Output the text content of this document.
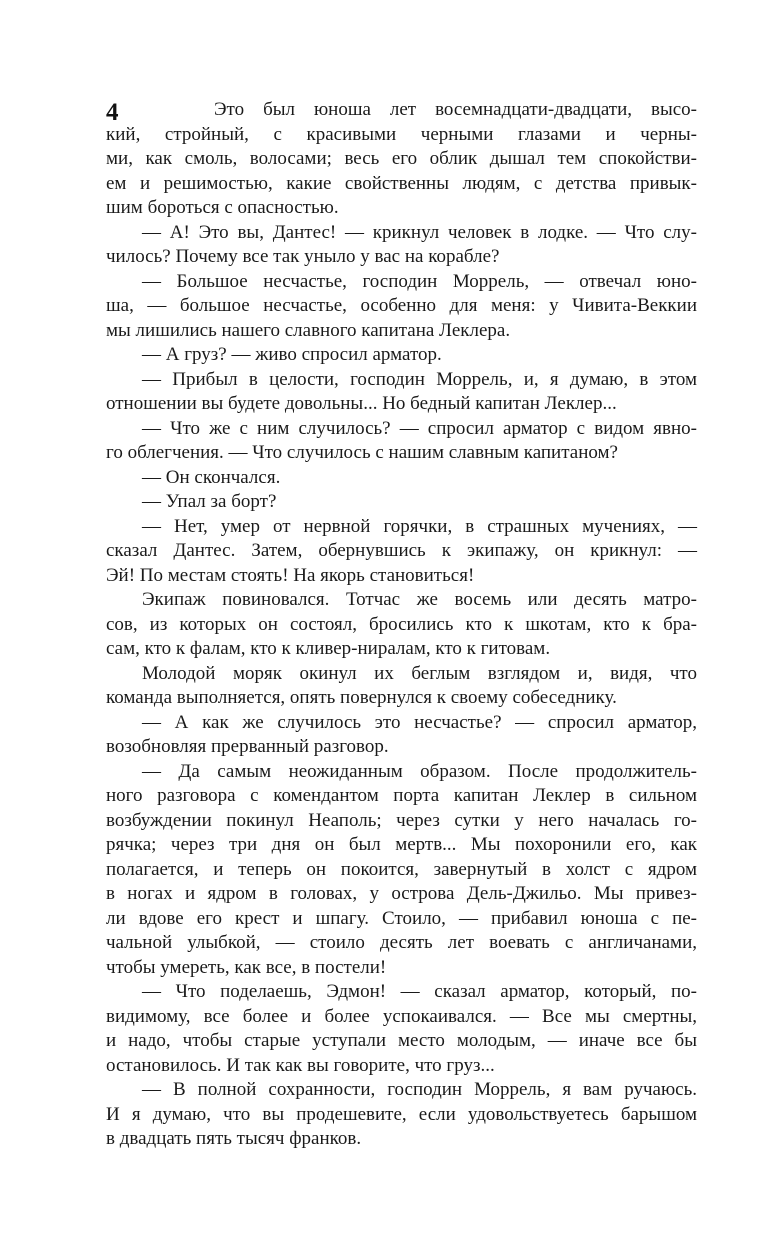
4	Это был юноша лет восемнадцати-двадцати, высо-
кий, стройный, с красивыми черными глазами и черны-
ми, как смоль, волосами; весь его облик дышал тем спокойстви-
ем и решимостью, какие свойственны людям, с детства привык-
шим бороться с опасностью.
— А! Это вы, Дантес! — крикнул человек в лодке. — Что слу-
чилось? Почему все так уныло у вас на корабле?
— Большое несчастье, господин Моррель, — отвечал юно-
ша, — большое несчастье, особенно для меня: у Чивита-Веккии
мы лишились нашего славного капитана Леклера.
— А груз? — живо спросил арматор.
— Прибыл в целости, господин Моррель, и, я думаю, в этом
отношении вы будете довольны... Но бедный капитан Леклер...
— Что же с ним случилось? — спросил арматор с видом явно-
го облегчения. — Что случилось с нашим славным капитаном?
— Он скончался.
— Упал за борт?
— Нет, умер от нервной горячки, в страшных мучениях, —
сказал Дантес. Затем, обернувшись к экипажу, он крикнул: —
Эй! По местам стоять! На якорь становиться!
Экипаж повиновался. Тотчас же восемь или десять матро-
сов, из которых он состоял, бросились кто к шкотам, кто к бра-
сам, кто к фалам, кто к кливер-ниралам, кто к гитовам.
Молодой моряк окинул их беглым взглядом и, видя, что
команда выполняется, опять повернулся к своему собеседнику.
— А как же случилось это несчастье? — спросил арматор,
возобновляя прерванный разговор.
— Да самым неожиданным образом. После продолжитель-
ного разговора с комендантом порта капитан Леклер в сильном
возбуждении покинул Неаполь; через сутки у него началась го-
рячка; через три дня он был мертв... Мы похоронили его, как
полагается, и теперь он покоится, завернутый в холст с ядром
в ногах и ядром в головах, у острова Дель-Джильо. Мы привез-
ли вдове его крест и шпагу. Стоило, — прибавил юноша с пе-
чальной улыбкой, — стоило десять лет воевать с англичанами,
чтобы умереть, как все, в постели!
— Что поделаешь, Эдмон! — сказал арматор, который, по-
видимому, все более и более успокаивался. — Все мы смертны,
и надо, чтобы старые уступали место молодым, — иначе все бы
остановилось. И так как вы говорите, что груз...
— В полной сохранности, господин Моррель, я вам ручаюсь.
И я думаю, что вы продешевите, если удовольствуетесь барышом
в двадцать пять тысяч франков.
